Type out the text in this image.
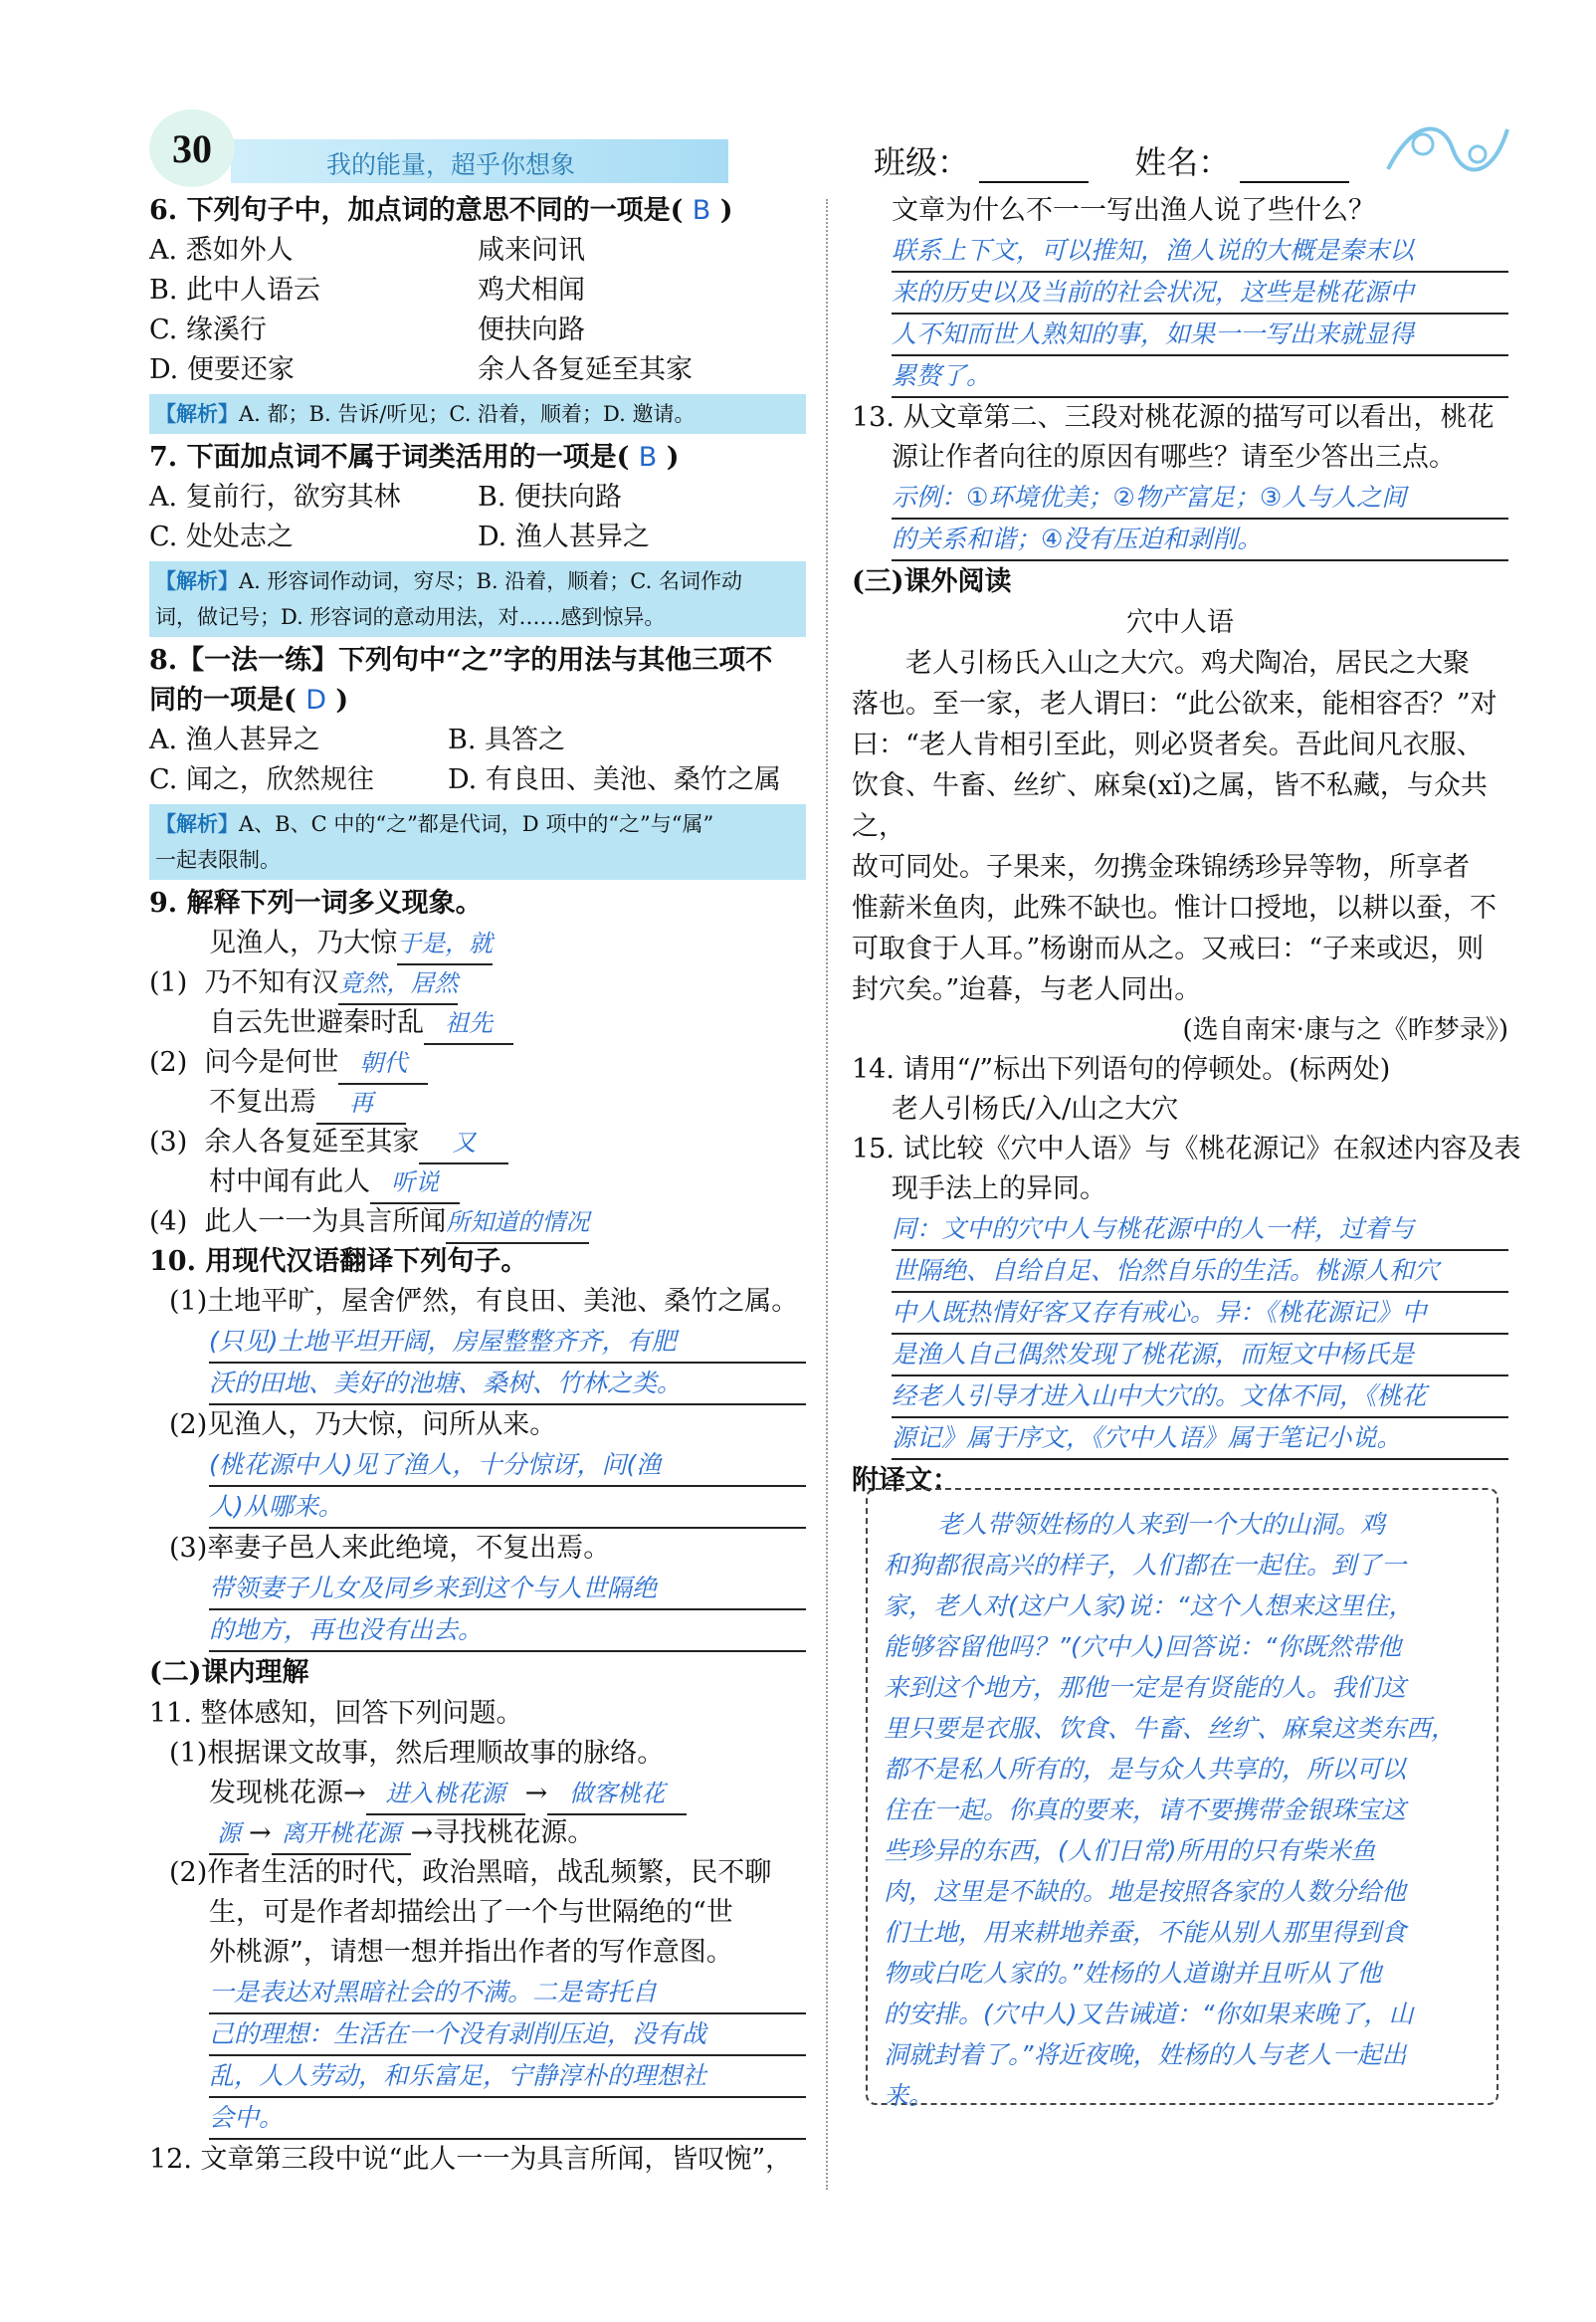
我的能量，超乎你想象
30	班级：	姓名：
6. 下列句子中，加点词的意思不同的一项是( B )
A. 悉如外人	咸来问讯
B. 此中人语云	鸡犬相闻
C. 缘溪行	便扶向路
D. 便要还家	余人各复延至其家
【解析】A. 都；B. 告诉/听见；C. 沿着，顺着；D. 邀请。
7. 下面加点词不属于词类活用的一项是( B )
A. 复前行，欲穷其林	B. 便扶向路
C. 处处志之	D. 渔人甚异之
【解析】A. 形容词作动词，穷尽；B. 沿着，顺着；C. 名词作动
词，做记号；D. 形容词的意动用法，对……感到惊异。
8.【一法一练】下列句中“之”字的用法与其他三项不
同的一项是( D )
A. 渔人甚异之	B. 具答之
C. 闻之，欣然规往	D. 有良田、美池、桑竹之属
【解析】A、B、C 中的“之”都是代词，D 项中的“之”与“属”
一起表限制。
9. 解释下列一词多义现象。
见渔人，乃大惊于是，就
(1) 乃不知有汉竟然，居然
自云先世避秦时乱 祖先
(2) 问今是何世 朝代
不复出焉 再
(3) 余人各复延至其家 又
村中闻有此人 听说
(4) 此人一一为具言所闻所知道的情况
10. 用现代汉语翻译下列句子。
(1)土地平旷，屋舍俨然，有良田、美池、桑竹之属。
(只见)土地平坦开阔，房屋整整齐齐，有肥
沃的田地、美好的池塘、桑树、竹林之类。
(2)见渔人，乃大惊，问所从来。
(桃花源中人)见了渔人，十分惊讶，问(渔
人)从哪来。
(3)率妻子邑人来此绝境，不复出焉。
带领妻子儿女及同乡来到这个与人世隔绝
的地方，再也没有出去。
(二)课内理解
11. 整体感知，回答下列问题。
(1)根据课文故事，然后理顺故事的脉络。
发现桃花源→ 进入桃花源 → 做客桃花
源 → 离开桃花源 →寻找桃花源。
(2)作者生活的时代，政治黑暗，战乱频繁，民不聊
生，可是作者却描绘出了一个与世隔绝的“世
外桃源”，请想一想并指出作者的写作意图。
一是表达对黑暗社会的不满。二是寄托自
己的理想：生活在一个没有剥削压迫，没有战
乱，人人劳动，和乐富足，宁静淳朴的理想社
会中。
12. 文章第三段中说“此人一一为具言所闻，皆叹惋”，
文章为什么不一一写出渔人说了些什么？
联系上下文，可以推知，渔人说的大概是秦末以
来的历史以及当前的社会状况，这些是桃花源中
人不知而世人熟知的事，如果一一写出来就显得
累赘了。
13. 从文章第二、三段对桃花源的描写可以看出，桃花
源让作者向往的原因有哪些？请至少答出三点。
示例：①环境优美；②物产富足；③人与人之间
的关系和谐；④没有压迫和剥削。
(三)课外阅读
穴中人语
老人引杨氏入山之大穴。鸡犬陶冶，居民之大聚
落也。至一家，老人谓曰：“此公欲来，能相容否？”对
曰：“老人肯相引至此，则必贤者矣。吾此间凡衣服、
饮食、牛畜、丝纩、麻枲(xǐ)之属，皆不私藏，与众共之，
故可同处。子果来，勿携金珠锦绣珍异等物，所享者
惟薪米鱼肉，此殊不缺也。惟计口授地，以耕以蚕，不
可取食于人耳。”杨谢而从之。又戒曰：“子来或迟，则
封穴矣。”迨暮，与老人同出。
(选自南宋·康与之《昨梦录》)
14. 请用“/”标出下列语句的停顿处。(标两处)
老人引杨氏/入/山之大穴
15. 试比较《穴中人语》与《桃花源记》在叙述内容及表
现手法上的异同。
同：文中的穴中人与桃花源中的人一样，过着与
世隔绝、自给自足、怡然自乐的生活。桃源人和穴
中人既热情好客又存有戒心。异：《桃花源记》中
是渔人自己偶然发现了桃花源，而短文中杨氏是
经老人引导才进入山中大穴的。文体不同，《桃花
源记》属于序文，《穴中人语》属于笔记小说。
附译文：

老人带领姓杨的人来到一个大的山洞。鸡

和狗都很高兴的样子，人们都在一起住。到了一

家，老人对(这户人家)说：“这个人想来这里住，

能够容留他吗？”(穴中人)回答说：“你既然带他

来到这个地方，那他一定是有贤能的人。我们这

里只要是衣服、饮食、牛畜、丝纩、麻枲这类东西，

都不是私人所有的，是与众人共享的，所以可以

住在一起。你真的要来，请不要携带金银珠宝这

些珍异的东西，(人们日常)所用的只有柴米鱼

肉，这里是不缺的。地是按照各家的人数分给他

们土地，用来耕地养蚕，不能从别人那里得到食

物或白吃人家的。”姓杨的人道谢并且听从了他

的安排。(穴中人)又告诫道：“你如果来晚了，山

洞就封着了。”将近夜晚，姓杨的人与老人一起出

来。
